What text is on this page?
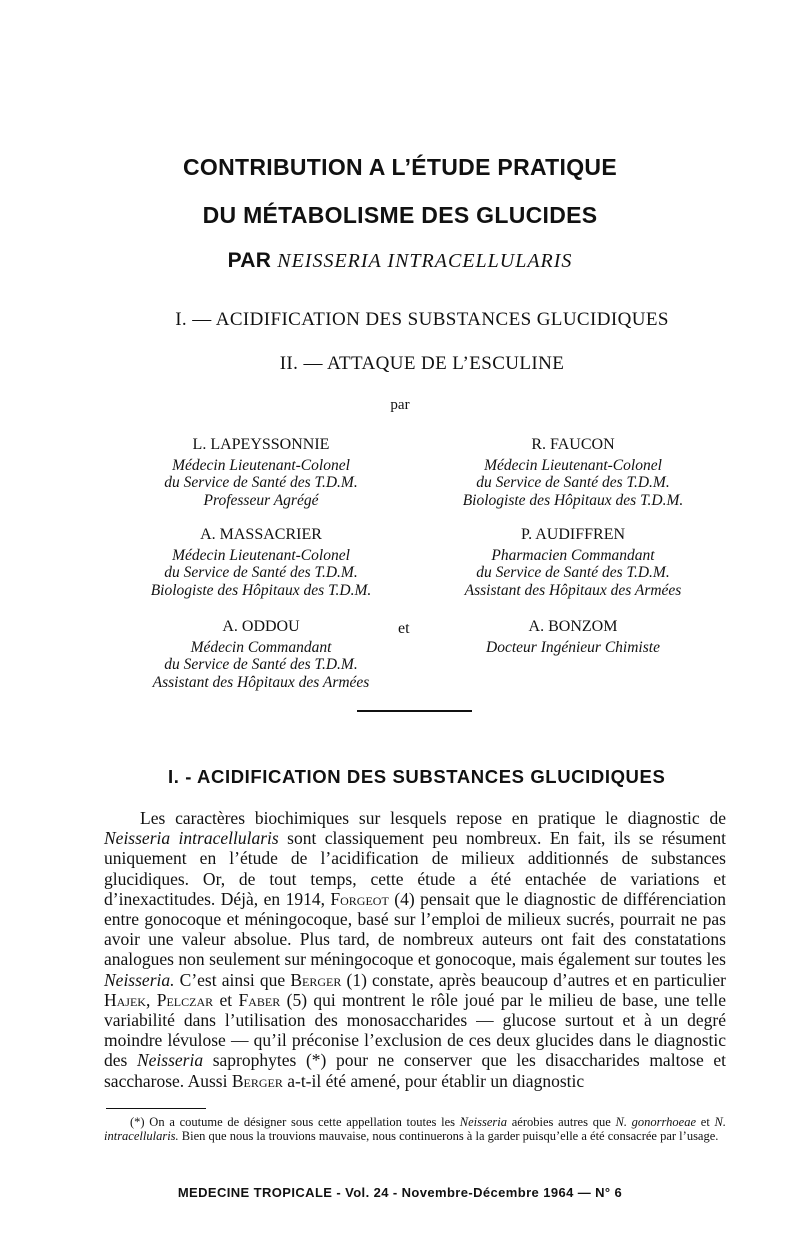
CONTRIBUTION A L’ÉTUDE PRATIQUE
DU MÉTABOLISME DES GLUCIDES
PAR NEISSERIA INTRACELLULARIS
I. — ACIDIFICATION DES SUBSTANCES GLUCIDIQUES
II. — ATTAQUE DE L’ESCULINE
par
L. LAPEYSSONNIE
Médecin Lieutenant-Colonel
du Service de Santé des T.D.M.
Professeur Agrégé
R. FAUCON
Médecin Lieutenant-Colonel
du Service de Santé des T.D.M.
Biologiste des Hôpitaux des T.D.M.
A. MASSACRIER
Médecin Lieutenant-Colonel
du Service de Santé des T.D.M.
Biologiste des Hôpitaux des T.D.M.
P. AUDIFFREN
Pharmacien Commandant
du Service de Santé des T.D.M.
Assistant des Hôpitaux des Armées
A. ODDOU
Médecin Commandant
du Service de Santé des T.D.M.
Assistant des Hôpitaux des Armées
et	A. BONZOM
Docteur Ingénieur Chimiste
I. - ACIDIFICATION DES SUBSTANCES GLUCIDIQUES

Les caractères biochimiques sur lesquels repose en pratique le diagnostic de Neisseria intracellularis sont classiquement peu nombreux. En fait, ils se résument uniquement en l’étude de l’acidification de milieux additionnés de substances glucidiques. Or, de tout temps, cette étude a été entachée de variations et d’inexactitudes. Déjà, en 1914, Forgeot (4) pensait que le diagnostic de différenciation entre gonocoque et méningocoque, basé sur l’emploi de milieux sucrés, pourrait ne pas avoir une valeur absolue. Plus tard, de nombreux auteurs ont fait des constatations analogues non seulement sur méningocoque et gonocoque, mais également sur toutes les Neisseria. C’est ainsi que Berger (1) constate, après beaucoup d’autres et en particulier Hajek, Pelczar et Faber (5) qui montrent le rôle joué par le milieu de base, une telle variabilité dans l’utilisation des monosaccharides — glucose surtout et à un degré moindre lévulose — qu’il préconise l’exclusion de ces deux glucides dans le diagnostic des Neisseria saprophytes (*) pour ne conserver que les disaccharides maltose et saccharose. Aussi Berger a-t-il été amené, pour établir un diagnostic

(*) On a coutume de désigner sous cette appellation toutes les Neisseria aérobies autres que N. gonorrhoeae et N. intracellularis. Bien que nous la trouvions mauvaise, nous continuerons à la garder puisqu’elle a été consacrée par l’usage.

MEDECINE TROPICALE - Vol. 24 - Novembre-Décembre 1964 — N° 6
